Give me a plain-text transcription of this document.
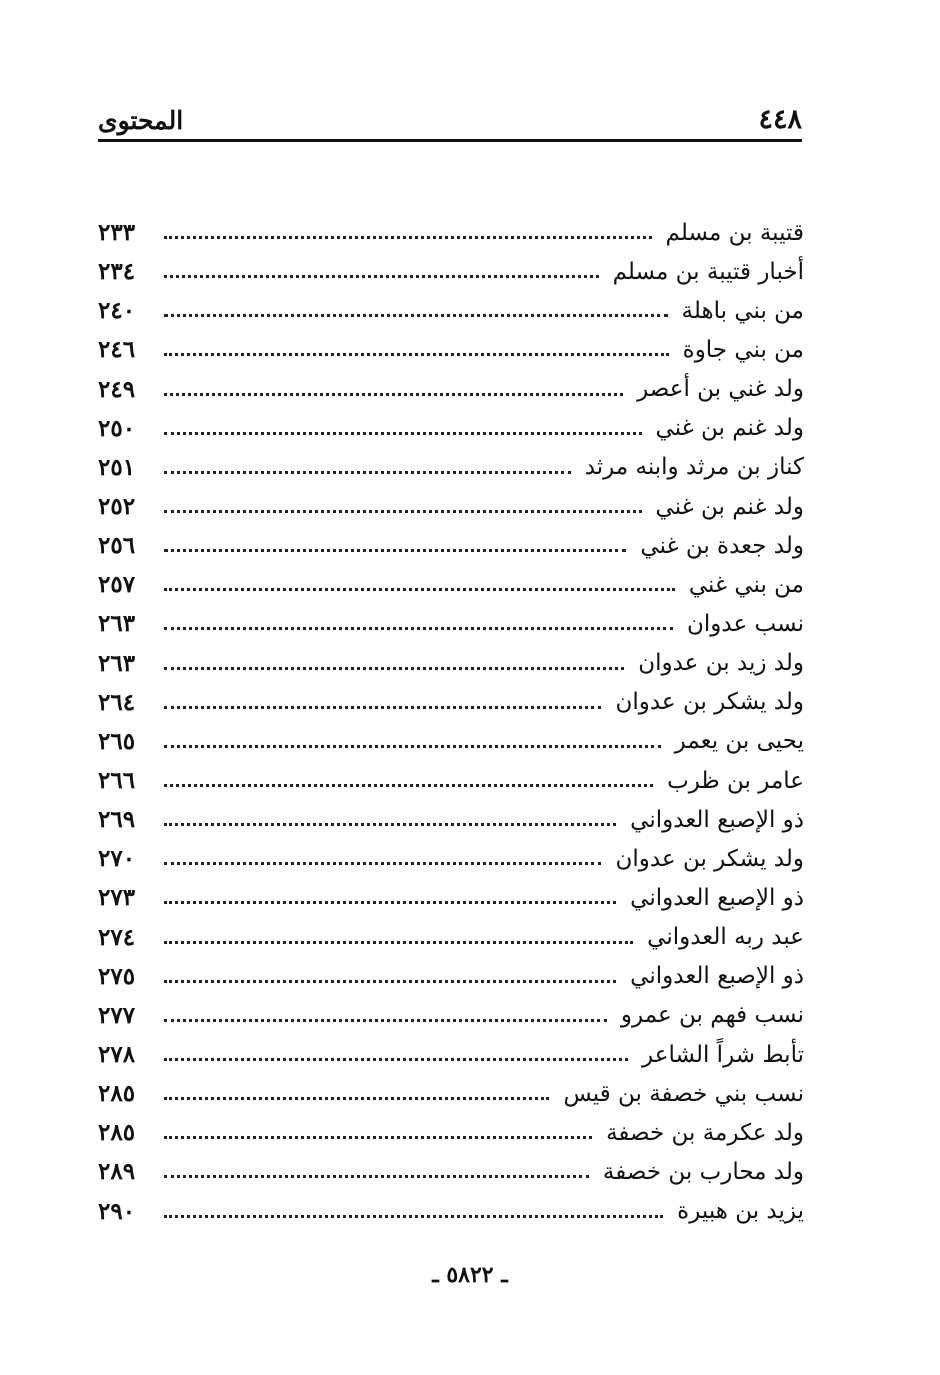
٤٤٨
المحتوى
قتيبة بن مسلم
٢٣٣
أخبار قتيبة بن مسلم
٢٣٤
من بني باهلة
٢٤٠
من بني جاوة
٢٤٦
ولد غني بن أعصر
٢٤٩
ولد غنم بن غني
٢٥٠
كناز بن مرثد وابنه مرثد
٢٥١
ولد غنم بن غني
٢٥٢
ولد جعدة بن غني
٢٥٦
من بني غني
٢٥٧
نسب عدوان
٢٦٣
ولد زيد بن عدوان
٢٦٣
ولد يشكر بن عدوان
٢٦٤
يحيى بن يعمر
٢٦٥
عامر بن ظرب
٢٦٦
ذو الإصبع العدواني
٢٦٩
ولد يشكر بن عدوان
٢٧٠
ذو الإصبع العدواني
٢٧٣
عبد ربه العدواني
٢٧٤
ذو الإصبع العدواني
٢٧٥
نسب فهم بن عمرو
٢٧٧
تأبط شراً الشاعر
٢٧٨
نسب بني خصفة بن قيس
٢٨٥
ولد عكرمة بن خصفة
٢٨٥
ولد محارب بن خصفة
٢٨٩
يزيد بن هبيرة
٢٩٠
ـ ٥٨٢٢ ـ
